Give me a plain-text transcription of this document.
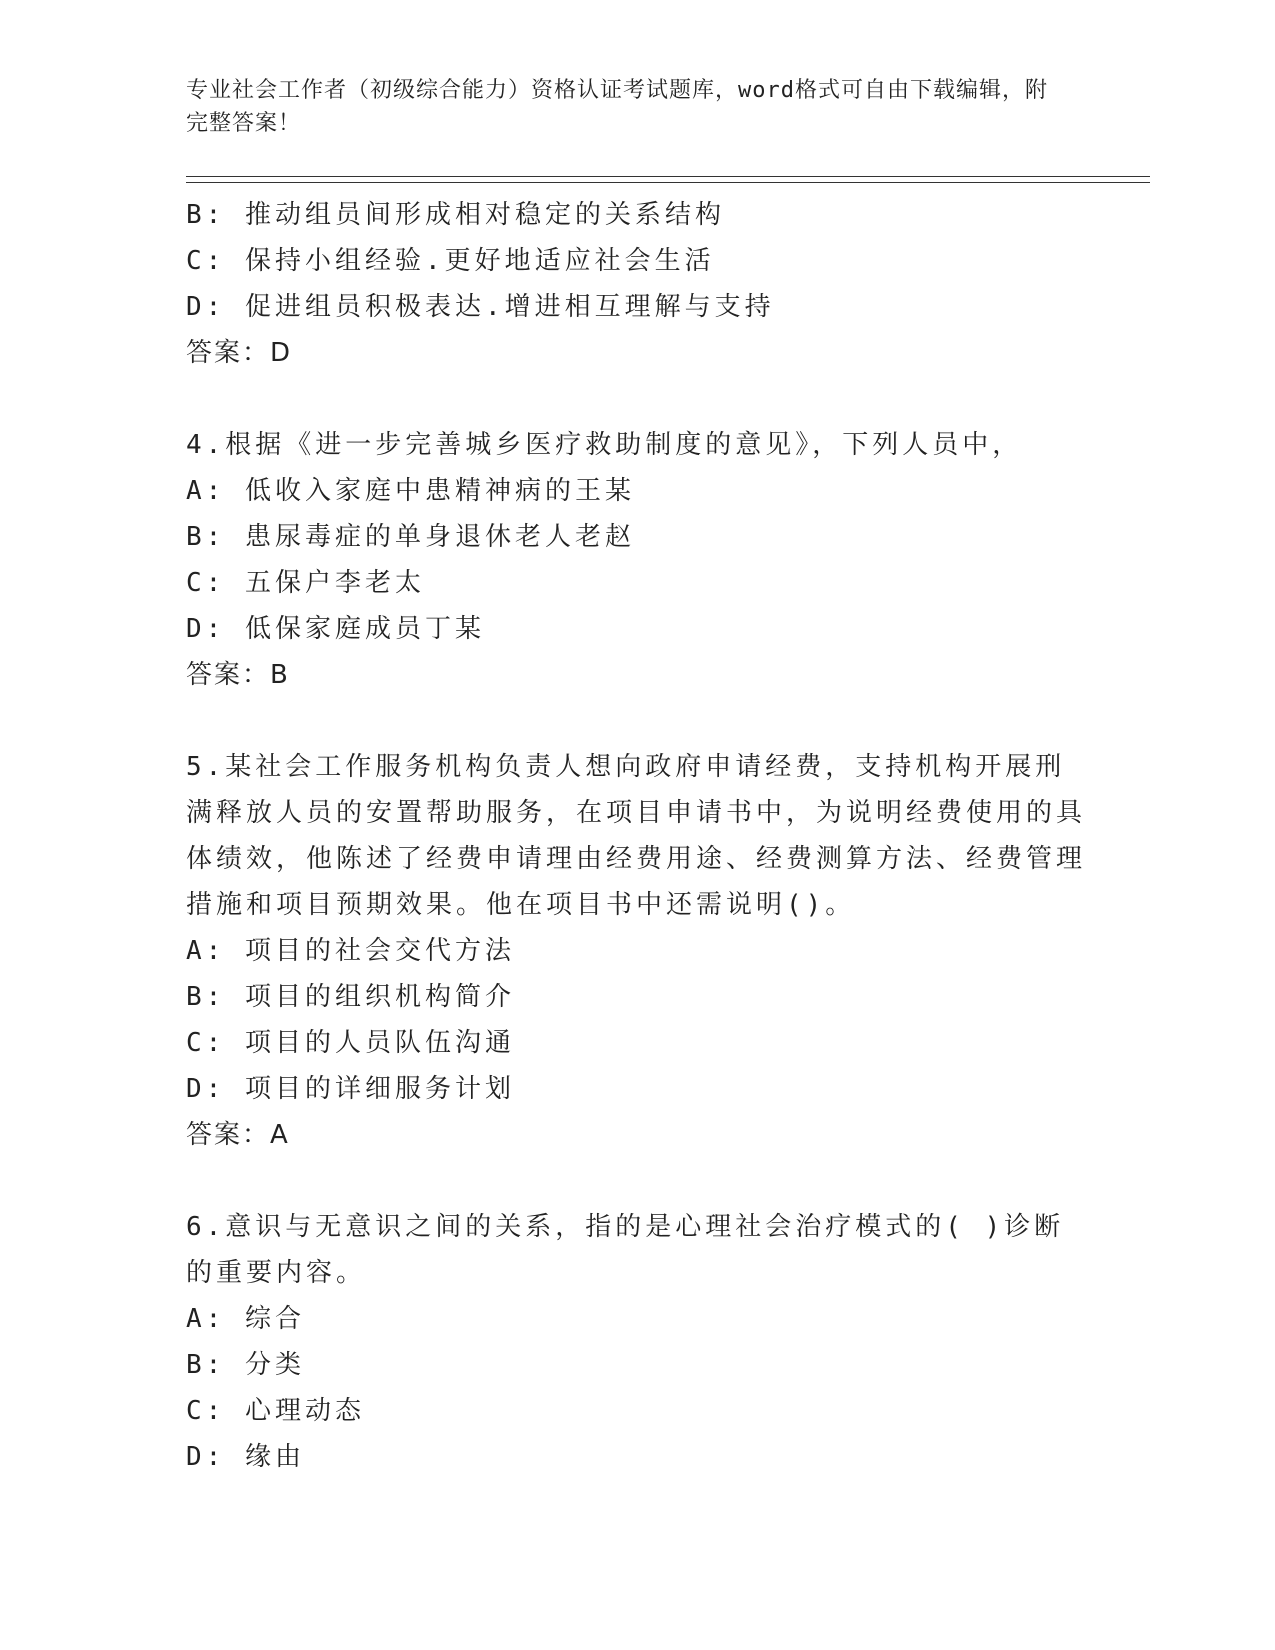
专业社会工作者（初级综合能力）资格认证考试题库，word格式可自由下载编辑，附完整答案！
B: 推动组员间形成相对稳定的关系结构
C: 保持小组经验.更好地适应社会生活
D: 促进组员积极表达.增进相互理解与支持
答案：D
4.根据《进一步完善城乡医疗救助制度的意见》，下列人员中，
A: 低收入家庭中患精神病的王某
B: 患尿毒症的单身退休老人老赵
C: 五保户李老太
D: 低保家庭成员丁某
答案：B
5.某社会工作服务机构负责人想向政府申请经费，支持机构开展刑满释放人员的安置帮助服务，在项目申请书中，为说明经费使用的具体绩效，他陈述了经费申请理由经费用途、经费测算方法、经费管理措施和项目预期效果。他在项目书中还需说明()。
A: 项目的社会交代方法
B: 项目的组织机构简介
C: 项目的人员队伍沟通
D: 项目的详细服务计划
答案：A
6.意识与无意识之间的关系，指的是心理社会治疗模式的( )诊断的重要内容。
A: 综合
B: 分类
C: 心理动态
D: 缘由
